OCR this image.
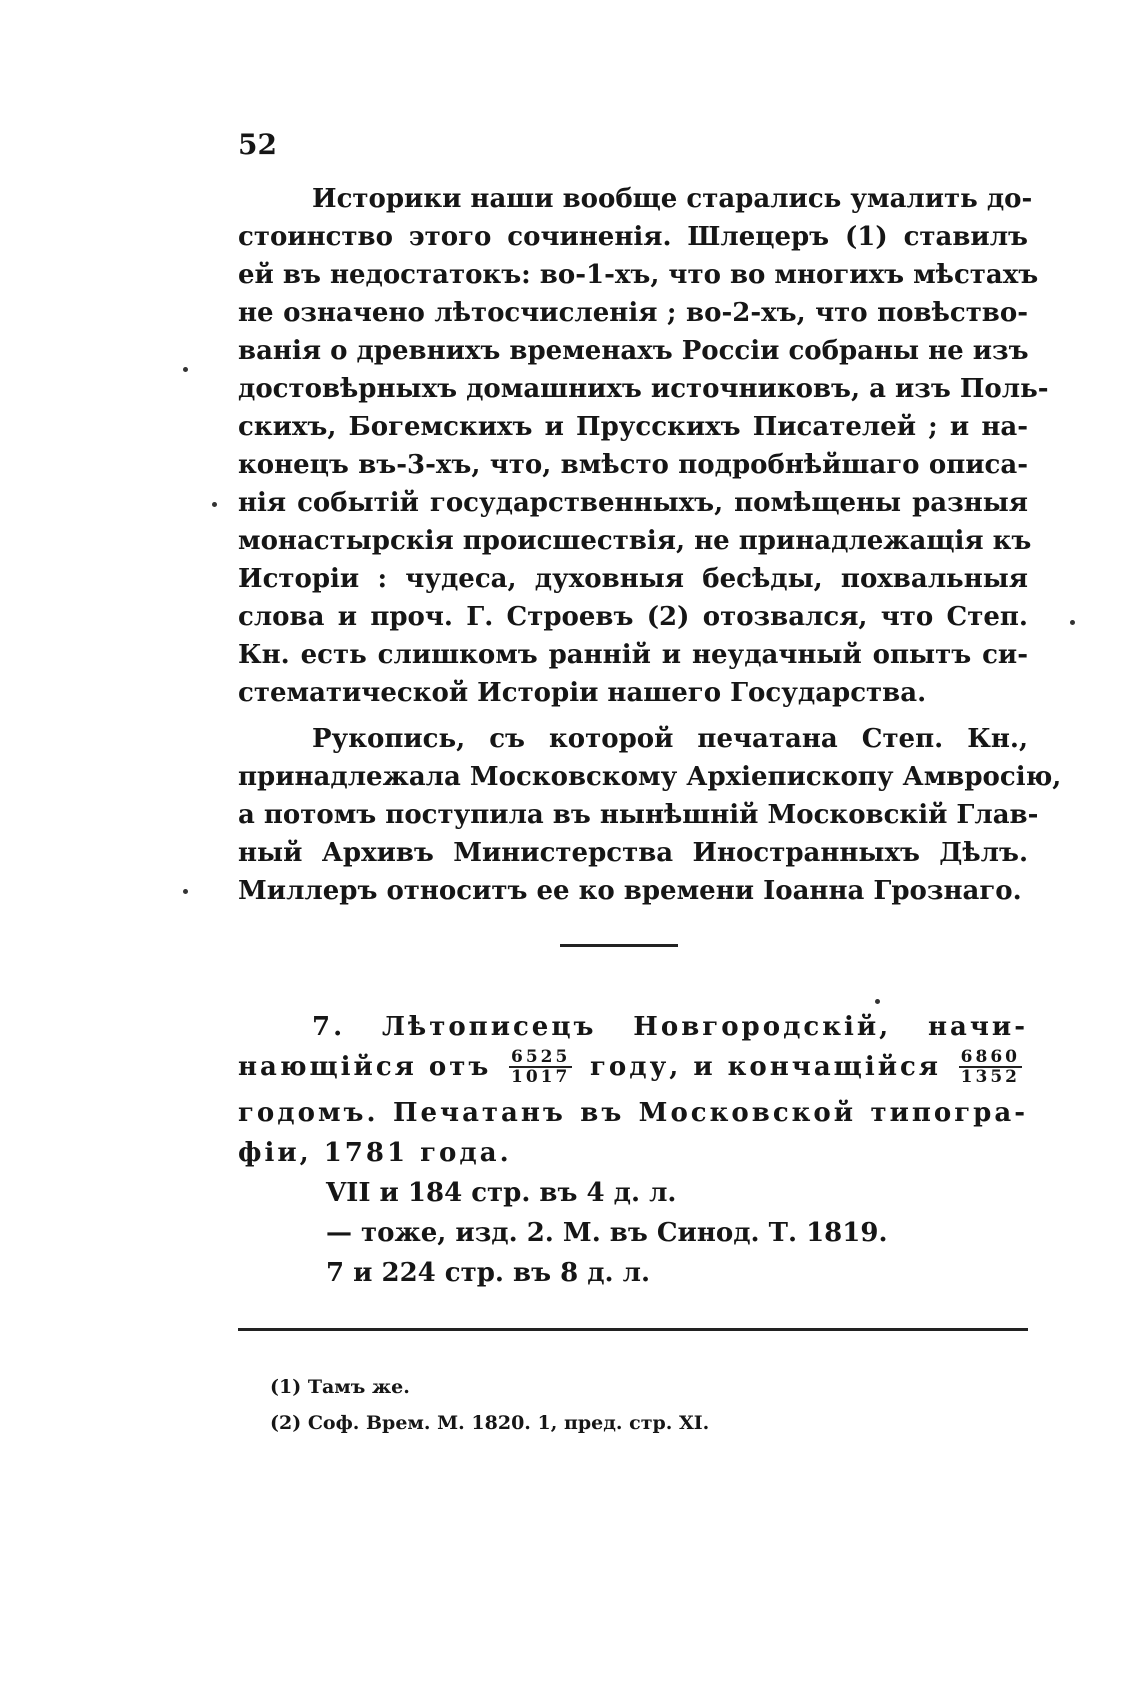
52
Историки наши вообще старались умалить до-
стоинство этого сочиненія. Шлецеръ (1) ставилъ
ей въ недостатокъ: во-1-хъ, что во многихъ мѣстахъ
не означено лѣтосчисленія ; во-2-хъ, что повѣство-
ванія о древнихъ временахъ Россіи собраны не изъ
достовѣрныхъ домашнихъ источниковъ, а изъ Поль-
скихъ, Богемскихъ и Прусскихъ Писателей ; и на-
конецъ въ-3-хъ, что, вмѣсто подробнѣйшаго описа-
нія событій государственныхъ, помѣщены разныя
монастырскія происшествія, не принадлежащія къ
Исторіи : чудеса, духовныя бесѣды, похвальныя
слова и проч. Г. Строевъ (2) отозвался, что Степ.
Кн. есть слишкомъ ранній и неудачный опытъ си-
стематической Исторіи нашего Государства.
Рукопись, съ которой печатана Степ. Кн.,
принадлежала Московскому Архіепископу Амвросію,
а потомъ поступила въ нынѣшній Московскій Глав-
ный Архивъ Министерства Иностранныхъ Дѣлъ.
Миллеръ относитъ ее ко времени Іоанна Грознаго.
7. Лѣтописецъ Новгородскій, начи-
нающійся отъ $\frac{6525}{1017}$ году, и кончащійся $\frac{6860}{1352}$
годомъ. Печатанъ въ Московской типогра-
фіи, 1781 года.
VII и 184 стр. въ 4 д. л.
— тоже, изд. 2. М. въ Синод. Т. 1819.
7 и 224 стр. въ 8 д. л.
(1) Тамъ же.
(2) Соф. Врем. М. 1820. 1, пред. стр. XI.
